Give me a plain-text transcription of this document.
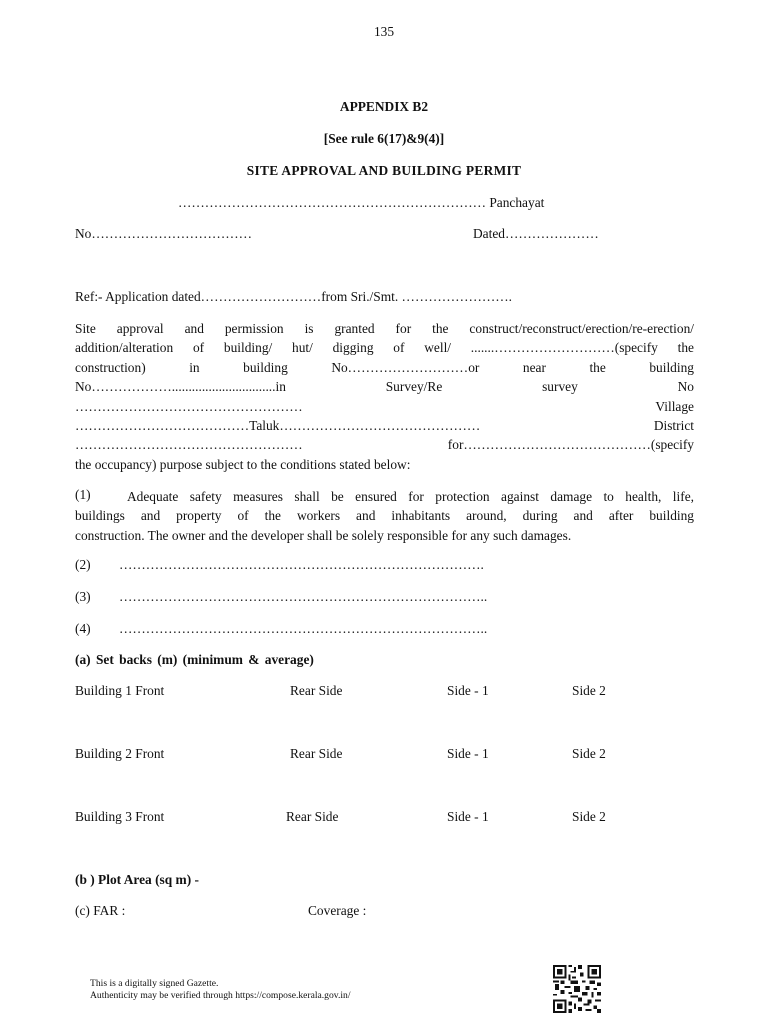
135
APPENDIX B2
[See rule 6(17)&9(4)]
SITE APPROVAL AND BUILDING PERMIT
…………………………………………………………… Panchayat
No………………………………	Dated…………………
Ref:- Application dated………………………from Sri./Smt. …………………….
Site approval and permission is granted for the construct/reconstruct/erection/re-erection/
addition/alteration of building/ hut/ digging of well/ .......………………………(specify the
construction) in building No………………………or near the building
No………………...............................in Survey/Re survey No
…………………………………………… Village
…………………………………Taluk……………………………………… District
…………………………………………… for……………………………………(specify
the occupancy) purpose subject to the conditions stated below:
(1)	Adequate safety measures shall be ensured for protection against damage to health, life,
buildings and property of the workers and inhabitants around, during and after building
construction. The owner and the developer shall be solely responsible for any such damages.
(2) ……………………………………………………………………….
(3) ………………………………………………………………………..
(4) ………………………………………………………………………..
(a) Set backs (m) (minimum & average)
Building 1 Front	Rear Side	Side - 1	Side 2
Building 2 Front	Rear Side	Side - 1	Side 2
Building 3 Front	Rear Side	Side - 1	Side 2
(b ) Plot Area (sq m) -
(c) FAR :	Coverage :
This is a digitally signed Gazette.
Authenticity may be verified through https://compose.kerala.gov.in/
